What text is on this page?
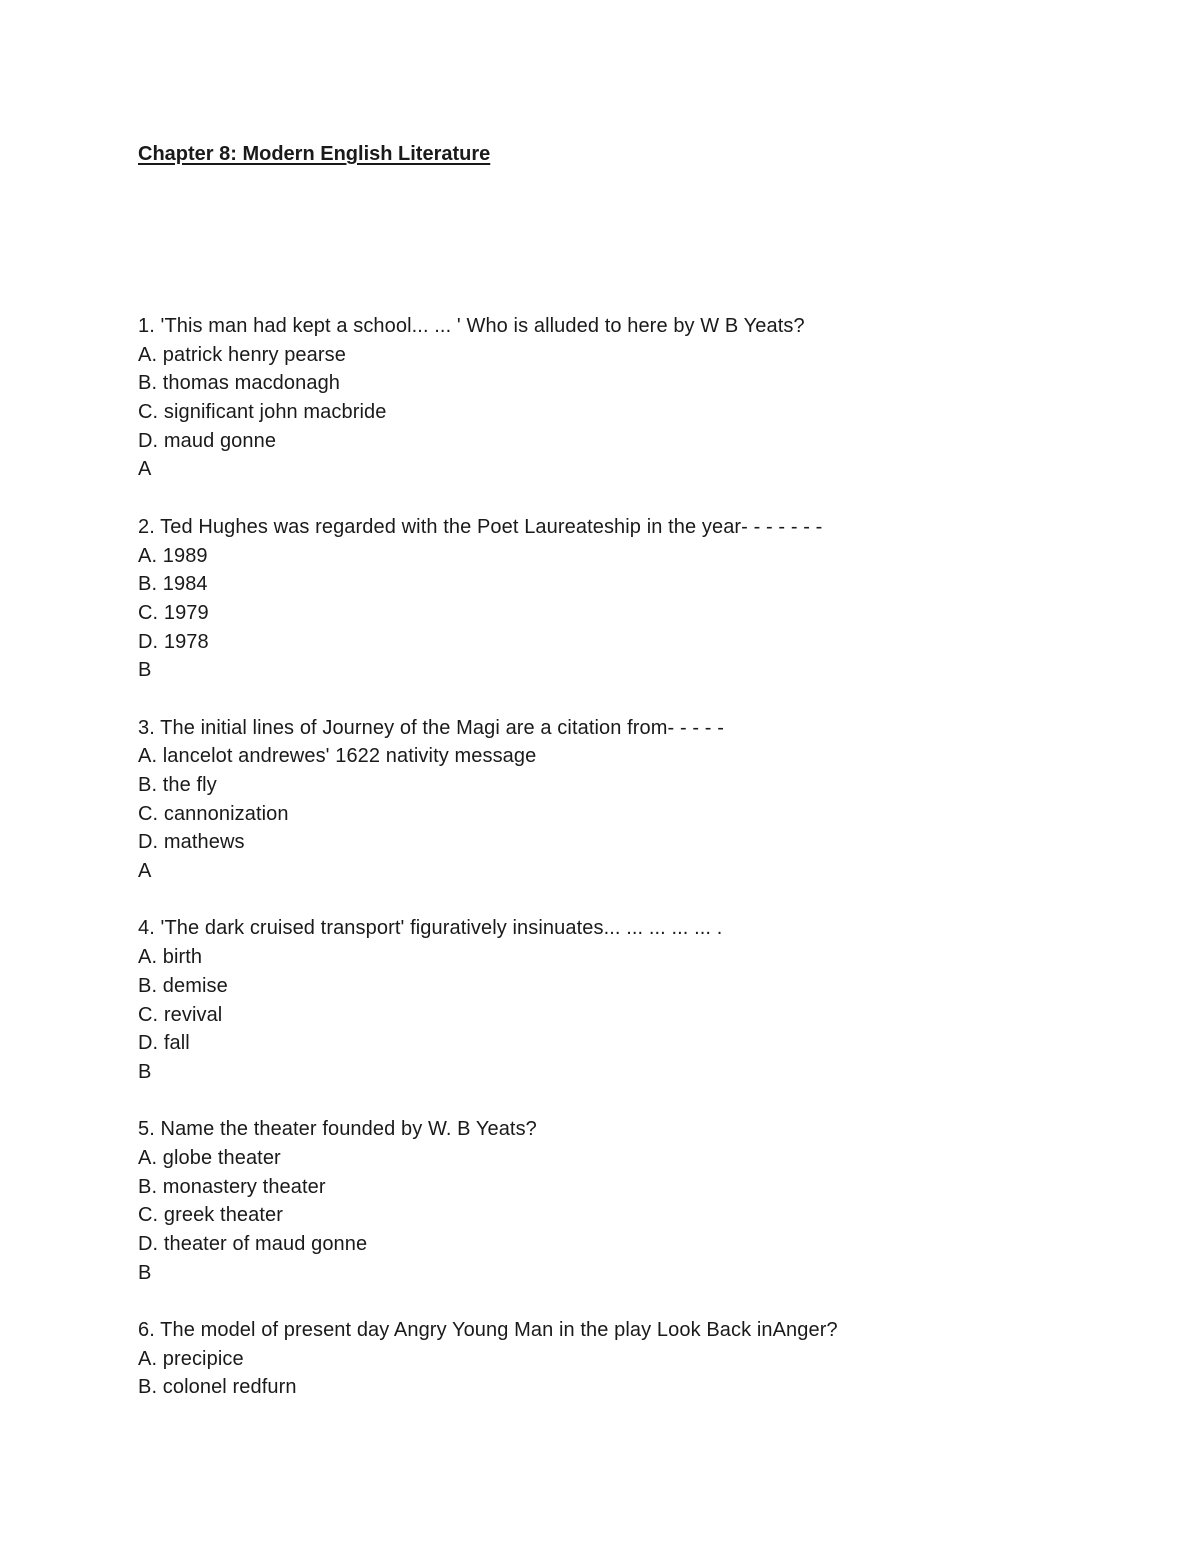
Chapter 8: Modern English Literature
1. 'This man had kept a school... ... ' Who is alluded to here by W B Yeats?
A. patrick henry pearse
B. thomas macdonagh
C. significant john macbride
D. maud gonne
A
2. Ted Hughes was regarded with the Poet Laureateship in the year- - - - - - -
A. 1989
B. 1984
C. 1979
D. 1978
B
3. The initial lines of Journey of the Magi are a citation from- - - - -
A. lancelot andrewes' 1622 nativity message
B. the fly
C. cannonization
D. mathews
A
4. 'The dark cruised transport' figuratively insinuates... ... ... ... ... .
A. birth
B. demise
C. revival
D. fall
B
5. Name the theater founded by W. B Yeats?
A. globe theater
B. monastery theater
C. greek theater
D. theater of maud gonne
B
6. The model of present day Angry Young Man in the play Look Back inAnger?
A. precipice
B. colonel redfurn
